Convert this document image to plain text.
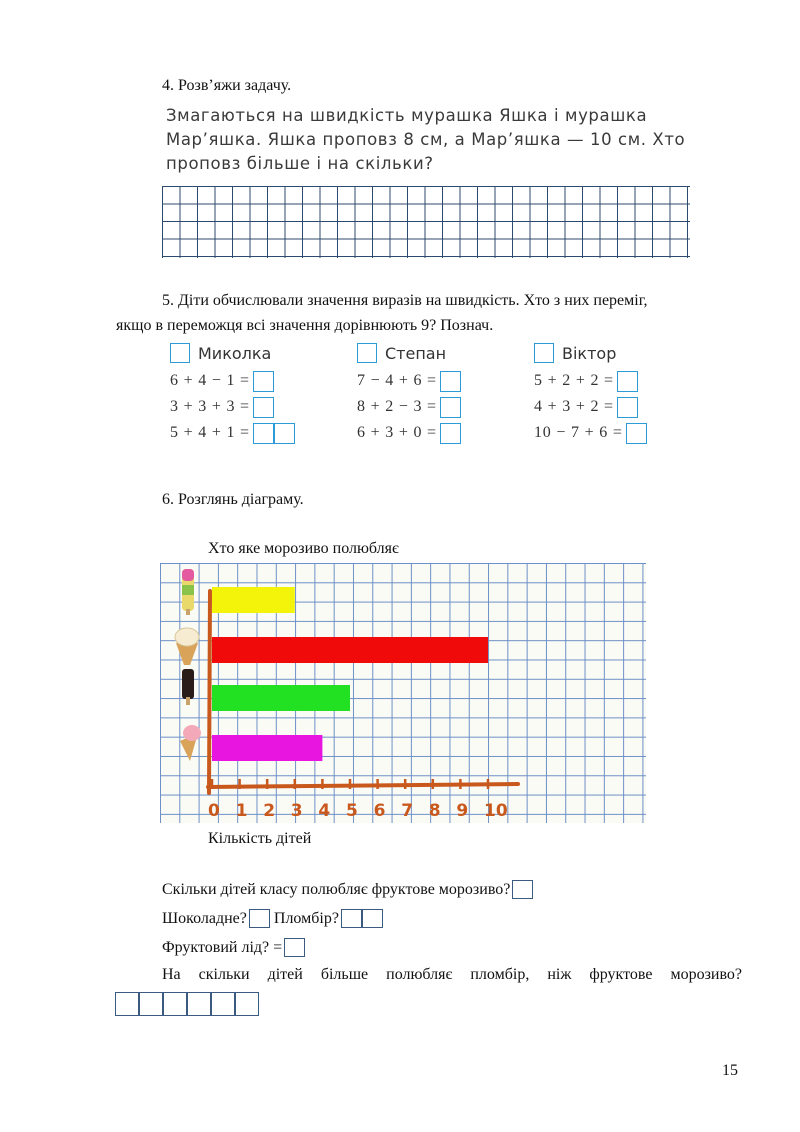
4. Розв’яжи задачу.
Змагаються на швидкість мурашка Яшка і мурашка
Мар’яшка. Яшка проповз 8 см, а Мар’яшка — 10 см. Хто
проповз більше і на скільки?
5. Діти обчислювали значення виразів на швидкість. Хто з них переміг,
якщо в переможця всі значення дорівнюють 9? Познач.
Миколка
6 + 4 − 1 =
3 + 3 + 3 =
5 + 4 + 1 =
Степан
7 − 4 + 6 =
8 + 2 − 3 =
6 + 3 + 0 =
Віктор
5 + 2 + 2 =
4 + 3 + 2 =
10 − 7 + 6 =
6. Розглянь діаграму.
Хто яке морозиво полюбляє
0 1 2 3 4 5 6 7 8 9 10
Кількість дітей
Скільки дітей класу полюбляє фруктове морозиво?
Шоколадне? Пломбір?
Фруктовий лід? =
На скільки дітей більше полюбляє пломбір, ніж фруктове морозиво?
15
